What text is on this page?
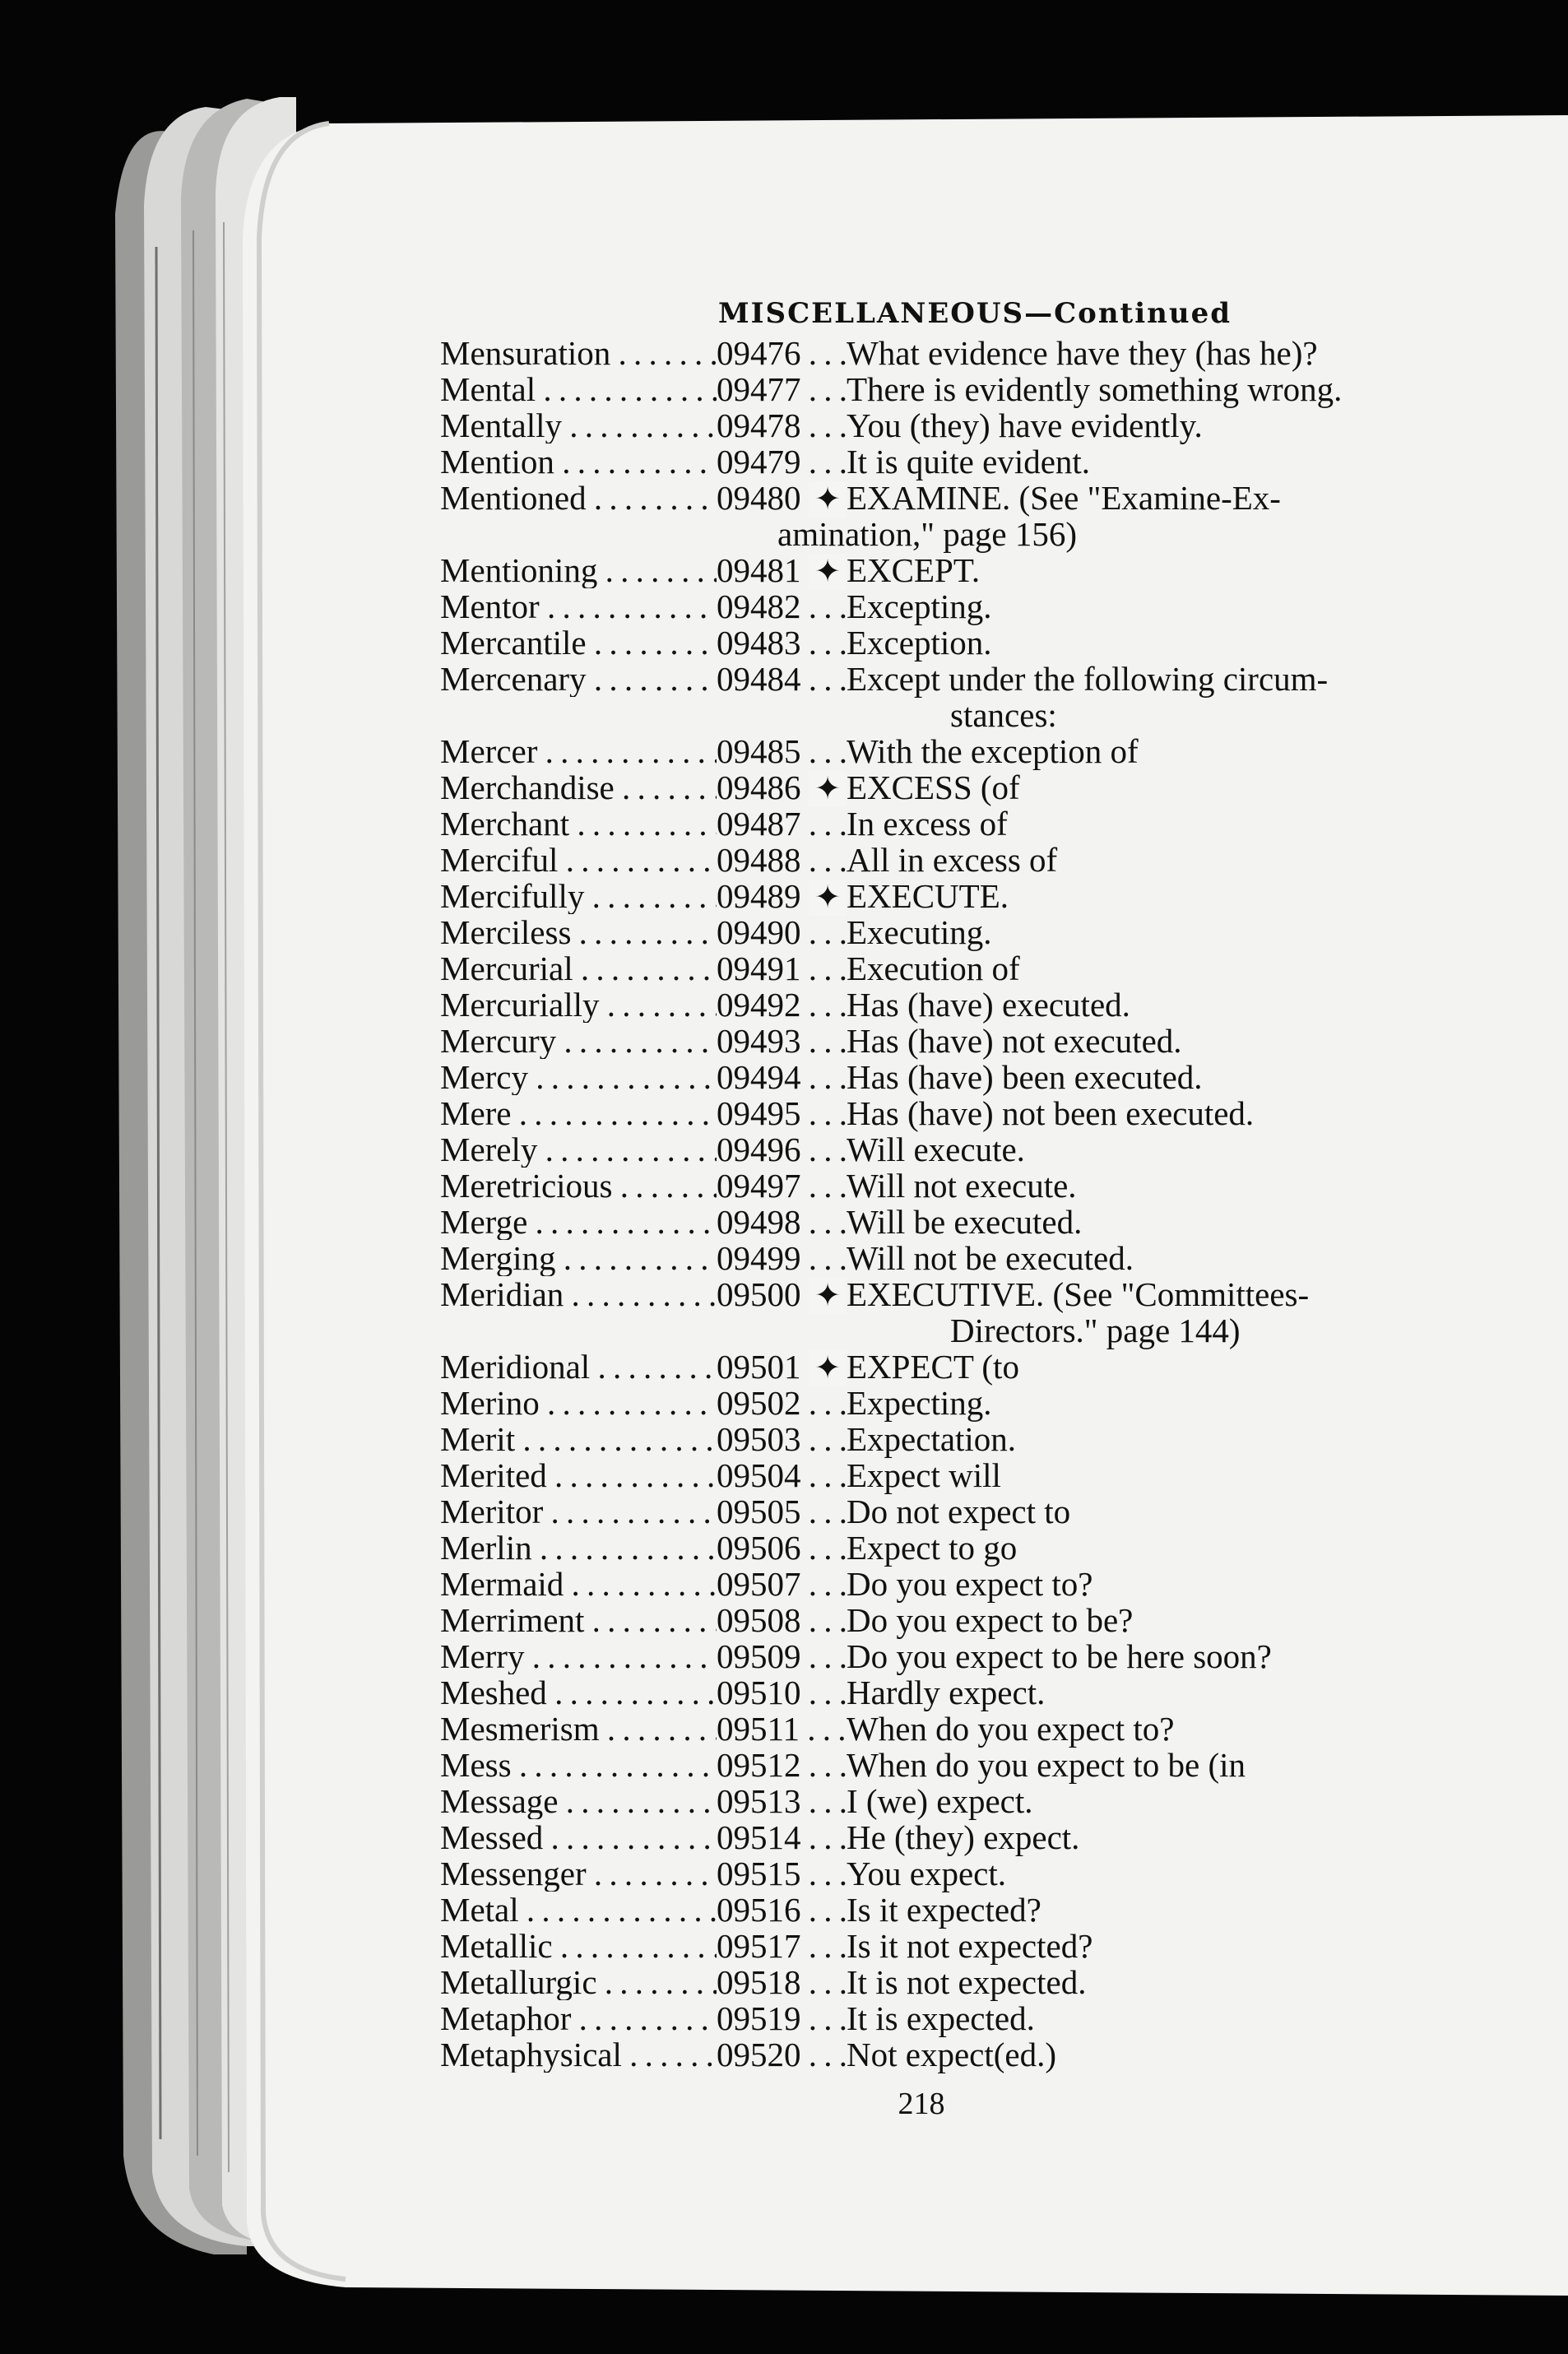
MISCELLANEOUS—Continued
Mensuration . . .	09476 . . .	What evidence have they (has he)?
Mental . . .	09477 . . .	There is evidently something wrong.
Mentally . . .	09478 . . .	You (they) have evidently.
Mention . . .	09479 . . .	It is quite evident.
Mentioned . . .	09480 . . . ✦ EXAMINE. (See "Examine-Ex-
amination," page 156)
Mentioning . . .	09481 . . . ✦ EXCEPT.
Mentor . . .	09482 . . .	Excepting.
Mercantile . . .	09483 . . .	Exception.
Mercenary . . .	09484 . . .	Except under the following circum-
stances:
Mercer . . .	09485 . . .	With the exception of
Merchandise . . .	09486 . . . ✦ EXCESS (of
Merchant . . .	09487 . . .	In excess of
Merciful . . .	09488 . . .	All in excess of
Mercifully . . .	09489 . . . ✦ EXECUTE.
Merciless . . .	09490 . . .	Executing.
Mercurial . . .	09491 . . .	Execution of
Mercurially . . .	09492 . . .	Has (have) executed.
Mercury . . .	09493 . . .	Has (have) not executed.
Mercy . . .	09494 . . .	Has (have) been executed.
Mere . . .	09495 . . .	Has (have) not been executed.
Merely . . .	09496 . . .	Will execute.
Meretricious . . .	09497 . . .	Will not execute.
Merge . . .	09498 . . .	Will be executed.
Merging . . .	09499 . . .	Will not be executed.
Meridian . . .	09500 . . . ✦ EXECUTIVE. (See "Committees-
Directors." page 144)
Meridional . . .	09501 . . . ✦ EXPECT (to
Merino . . .	09502 . . .	Expecting.
Merit . . .	09503 . . .	Expectation.
Merited . . .	09504 . . .	Expect will
Meritor . . .	09505 . . .	Do not expect to
Merlin . . .	09506 . . .	Expect to go
Mermaid . . .	09507 . . .	Do you expect to?
Merriment . . .	09508 . . .	Do you expect to be?
Merry . . .	09509 . . .	Do you expect to be here soon?
Meshed . . .	09510 . . .	Hardly expect.
Mesmerism . . .	09511 . . .	When do you expect to?
Mess . . .	09512 . . .	When do you expect to be (in
Message . . .	09513 . . .	I (we) expect.
Messed . . .	09514 . . .	He (they) expect.
Messenger . . .	09515 . . .	You expect.
Metal . . .	09516 . . .	Is it expected?
Metallic . . .	09517 . . .	Is it not expected?
Metallurgic . . .	09518 . . .	It is not expected.
Metaphor . . .	09519 . . .	It is expected.
Metaphysical . . .	09520 . . .	Not expect(ed.)
218
